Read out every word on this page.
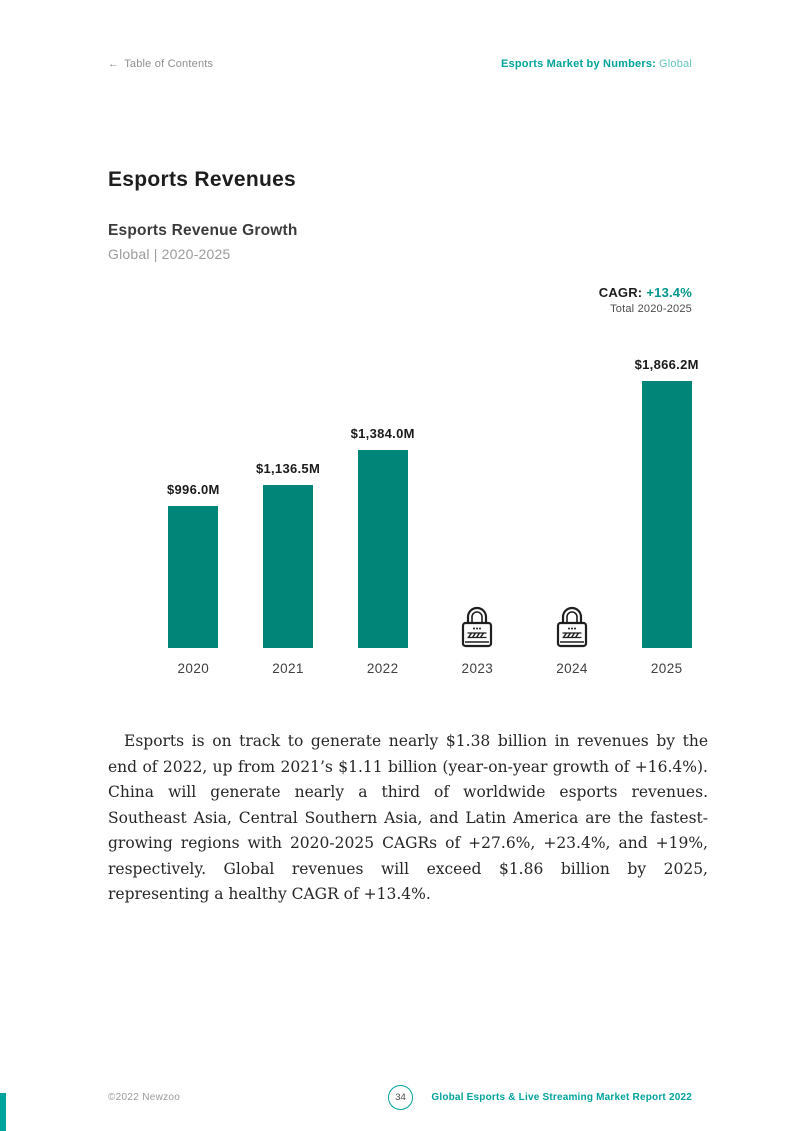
← Table of Contents	Esports Market by Numbers: Global
Esports Revenues
Esports Revenue Growth
Global | 2020-2025
CAGR: +13.4%
Total 2020-2025
$996.0M
$1,136.5M
$1,384.0M
$1,866.2M
2020	2021	2022	2023	2024	2025

Esports is on track to generate nearly $1.38 billion in revenues by the end of 2022, up from 2021’s $1.11 billion (year-on-year growth of +16.4%). China will generate nearly a third of worldwide esports revenues. Southeast Asia, Central Southern Asia, and Latin America are the fastest-growing regions with 2020-2025 CAGRs of +27.6%, +23.4%, and +19%, respectively. Global revenues will exceed $1.86 billion by 2025, representing a healthy CAGR of +13.4%.

©2022 Newzoo	34	Global Esports & Live Streaming Market Report 2022
